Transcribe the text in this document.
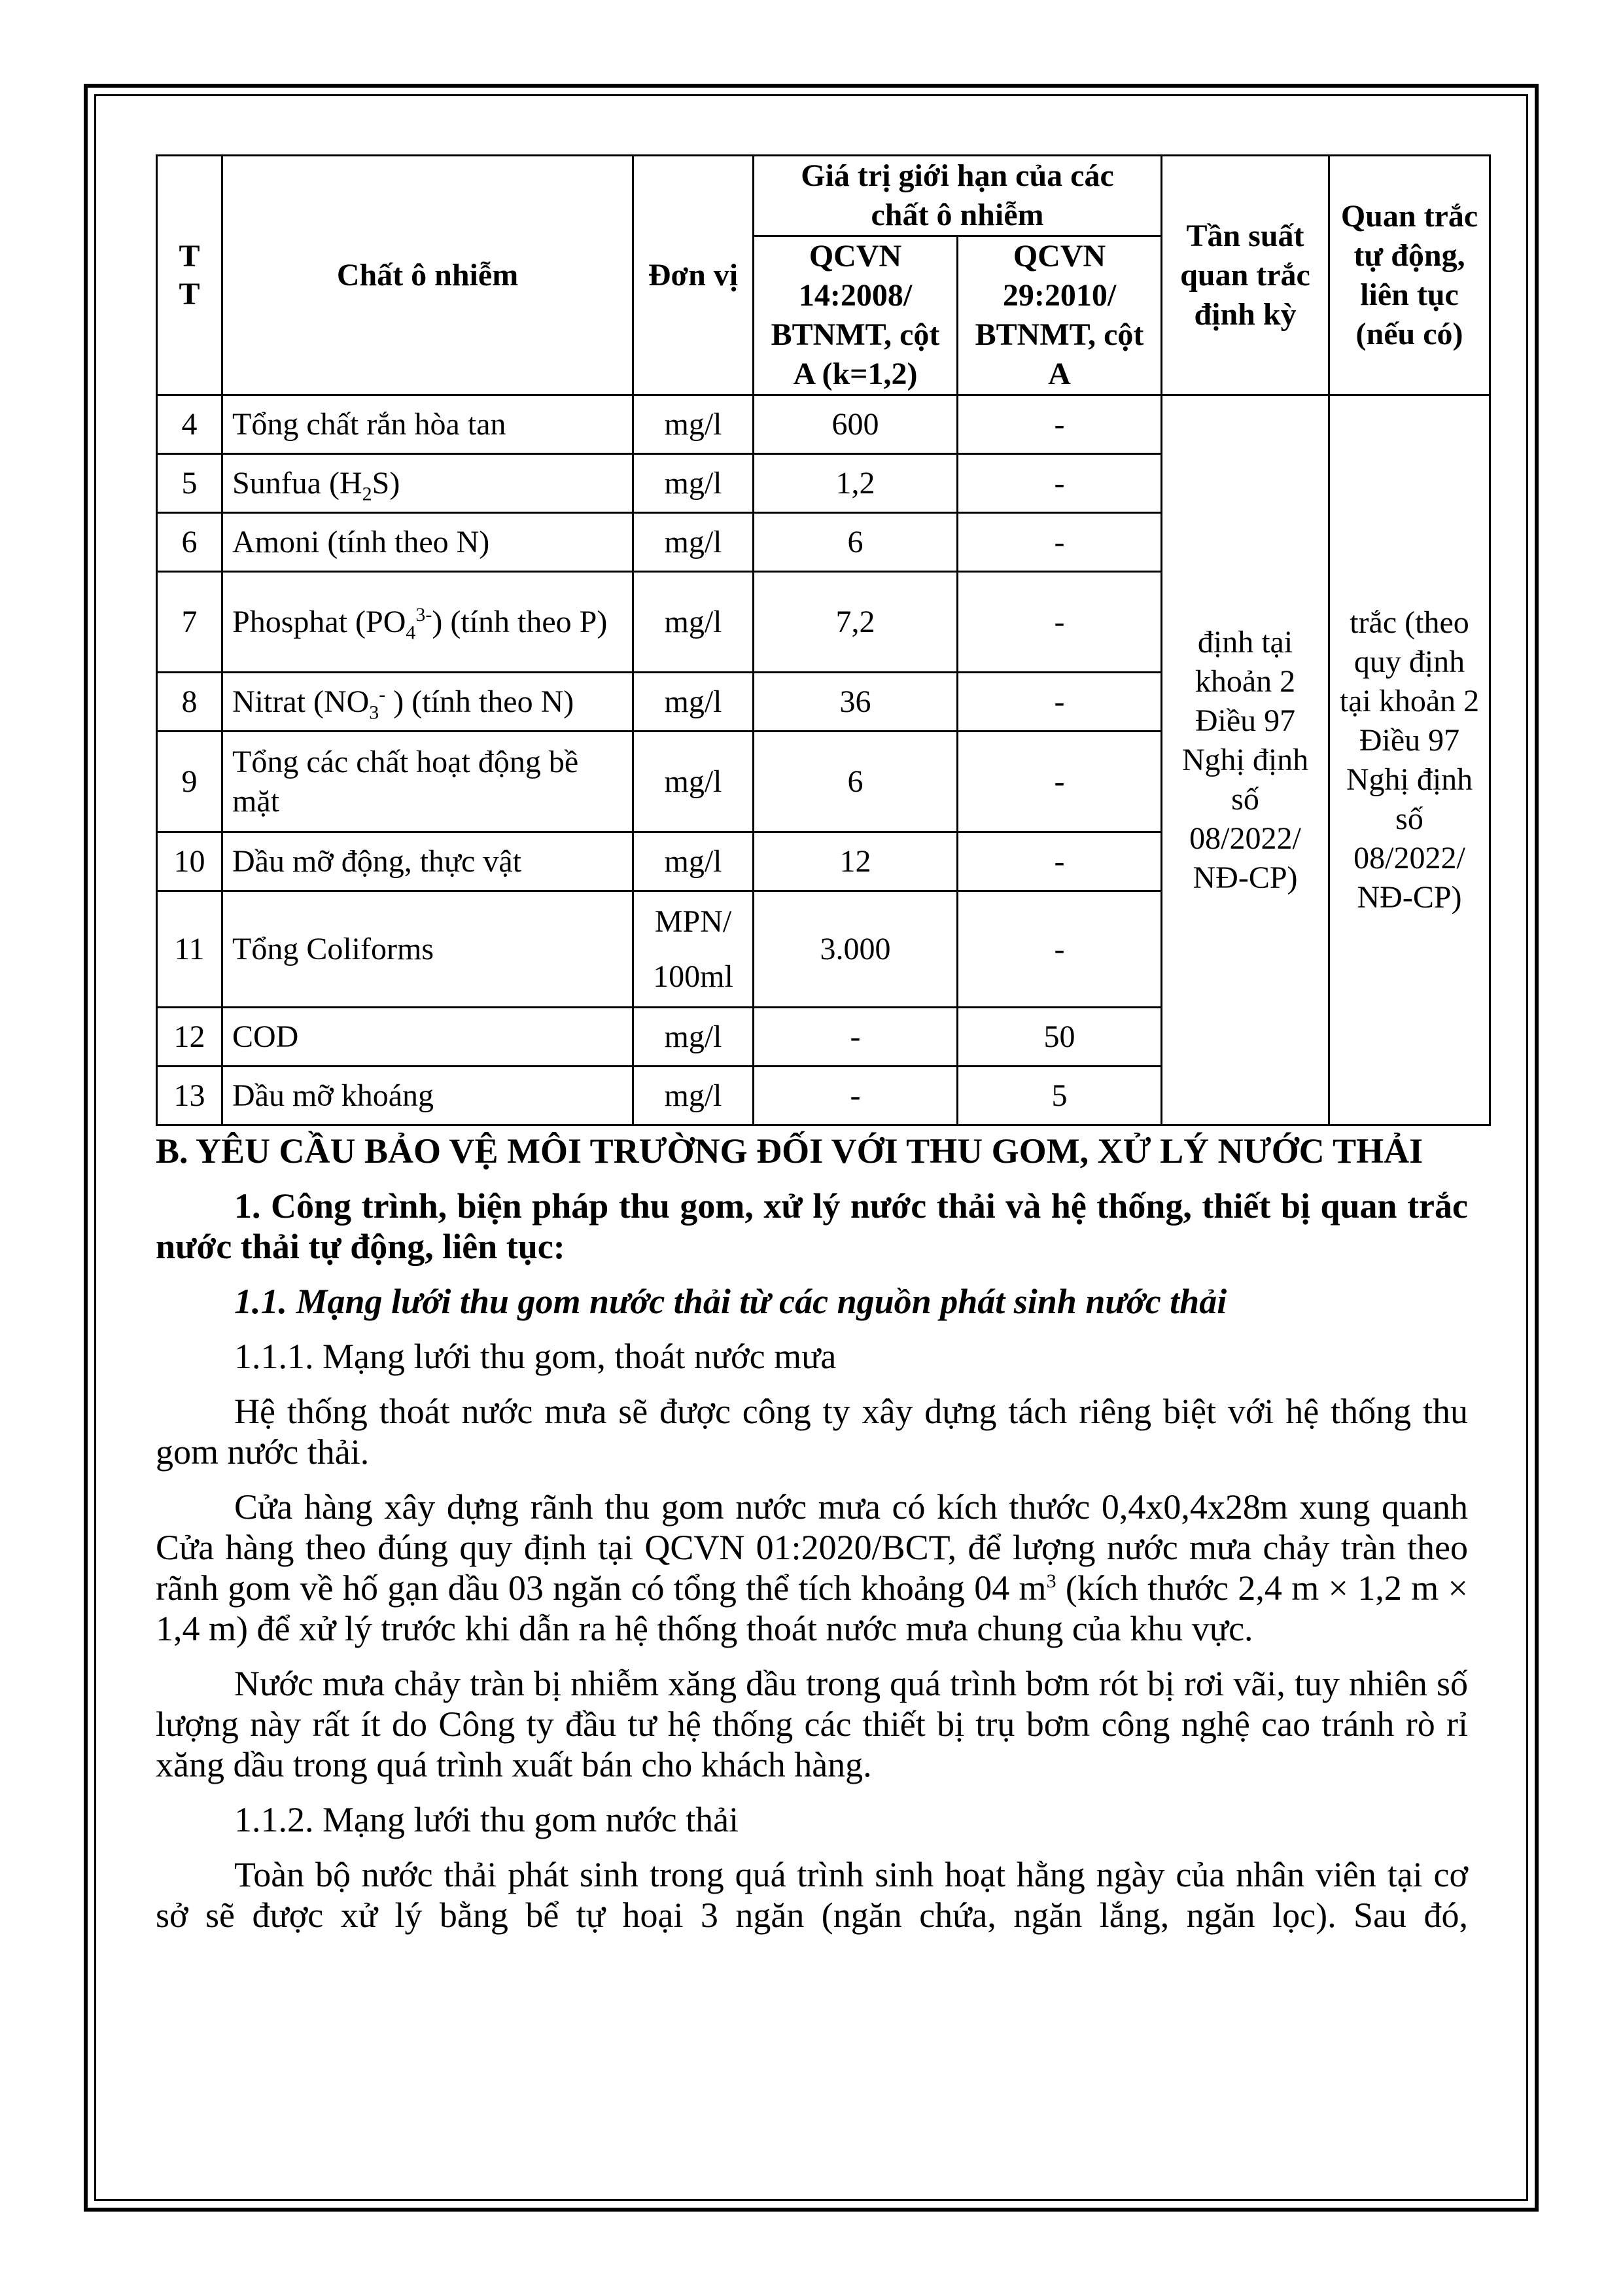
T T	Chất ô nhiễm	Đơn vị	Giá trị giới hạn của các chất ô nhiễm		Tần suất quan trắc định kỳ	Quan trắc tự động, liên tục (nếu có)
			QCVN 14:2008/ BTNMT, cột A (k=1,2)	QCVN 29:2010/ BTNMT, cột A		
4	Tổng chất rắn hòa tan	mg/l	600	-	định tại khoản 2 Điều 97 Nghị định số 08/2022/ NĐ-CP)	trắc (theo quy định tại khoản 2 Điều 97 Nghị định số 08/2022/ NĐ-CP)
5	Sunfua $(H_2S)$	mg/l	1,2	-		
6	Amoni (tính theo N)	mg/l	6	-		
7	Phosphat $(PO_4^{3-})$ (tính theo P)	mg/l	7,2	-		
8	Nitrat ($NO_3^-$ ) (tính theo N)	mg/l	36	-		
9	Tổng các chất hoạt động bề mặt	mg/l	6	-		
10	Dầu mỡ động, thực vật	mg/l	12	-		
11	Tổng Coliforms	MPN/ 100ml	3.000	-		
12	COD	mg/l	-	50		
13	Dầu mỡ khoáng	mg/l	-	5		

B. YÊU CẦU BẢO VỆ MÔI TRƯỜNG ĐỐI VỚI THU GOM, XỬ LÝ NƯỚC THẢI

1. Công trình, biện pháp thu gom, xử lý nước thải và hệ thống, thiết bị quan trắc nước thải tự động, liên tục:

1.1. Mạng lưới thu gom nước thải từ các nguồn phát sinh nước thải

1.1.1. Mạng lưới thu gom, thoát nước mưa

Hệ thống thoát nước mưa sẽ được công ty xây dựng tách riêng biệt với hệ thống thu gom nước thải.

Cửa hàng xây dựng rãnh thu gom nước mưa có kích thước 0,4x0,4x28m xung quanh Cửa hàng theo đúng quy định tại QCVN 01:2020/BCT, để lượng nước mưa chảy tràn theo rãnh gom về hố gạn dầu 03 ngăn có tổng thể tích khoảng 04 $m^3$ (kích thước 2,4 m × 1,2 m × 1,4 m) để xử lý trước khi dẫn ra hệ thống thoát nước mưa chung của khu vực.

Nước mưa chảy tràn bị nhiễm xăng dầu trong quá trình bơm rót bị rơi vãi, tuy nhiên số lượng này rất ít do Công ty đầu tư hệ thống các thiết bị trụ bơm công nghệ cao tránh rò rỉ xăng dầu trong quá trình xuất bán cho khách hàng.

1.1.2. Mạng lưới thu gom nước thải

Toàn bộ nước thải phát sinh trong quá trình sinh hoạt hằng ngày của nhân viên tại cơ sở sẽ được xử lý bằng bể tự hoại 3 ngăn (ngăn chứa, ngăn lắng, ngăn lọc). Sau đó,
